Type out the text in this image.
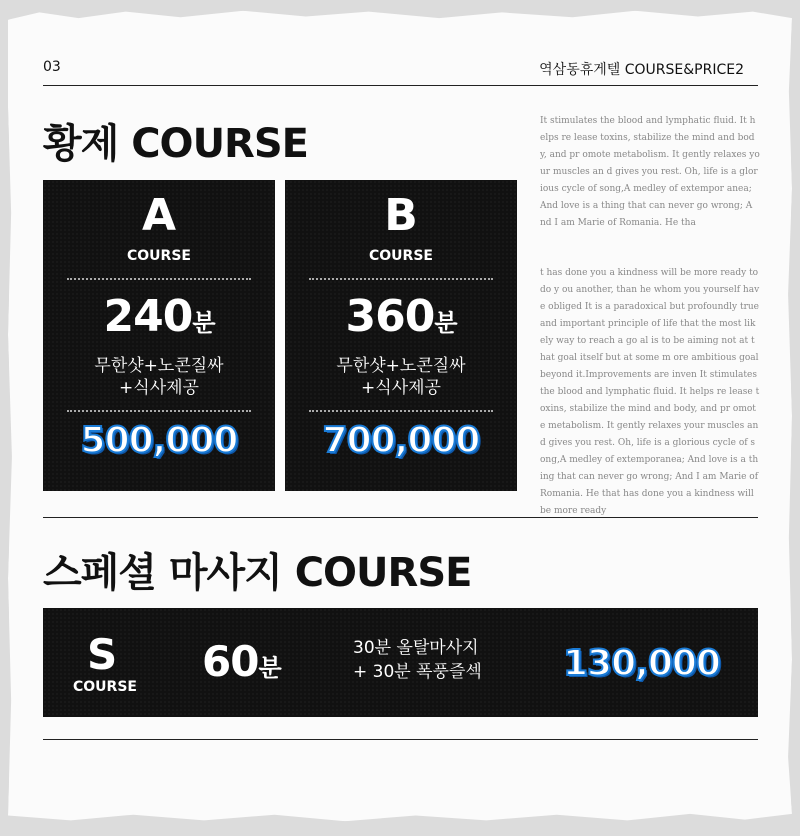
03	역삼동휴게텔 COURSE&PRICE2
황제 COURSE
A
COURSE
240분
무한샷+노콘질싸
+식사제공
500,000
B
COURSE
360분
무한샷+노콘질싸
+식사제공
700,000
It stimulates the blood and lymphatic fluid. It helps re lease toxins, stabilize the mind and body, and pr omote metabolism. It gently relaxes your muscles an d gives you rest. Oh, life is a glorious cycle of song,A medley of extempor anea; And love is a thing that can never go wrong; A nd I am Marie of Romania. He tha
t has done you a kindness will be more ready to do y ou another, than he whom you yourself have obliged It is a paradoxical but profoundly true and important principle of life that the most likely way to reach a go al is to be aiming not at that goal itself but at some m ore ambitious goal beyond it.Improvements are inven It stimulates the blood and lymphatic fluid. It helps re lease toxins, stabilize the mind and body, and pr omote metabolism. It gently relaxes your muscles an d gives you rest. Oh, life is a glorious cycle of song,A medley of extemporanea; And love is a thing that can never go wrong; And I am Marie of Romania. He that has done you a kindness will be more ready
스페셜 마사지 COURSE
S
COURSE
60분
30분 올탈마사지
+ 30분 폭풍즐섹 130,000
